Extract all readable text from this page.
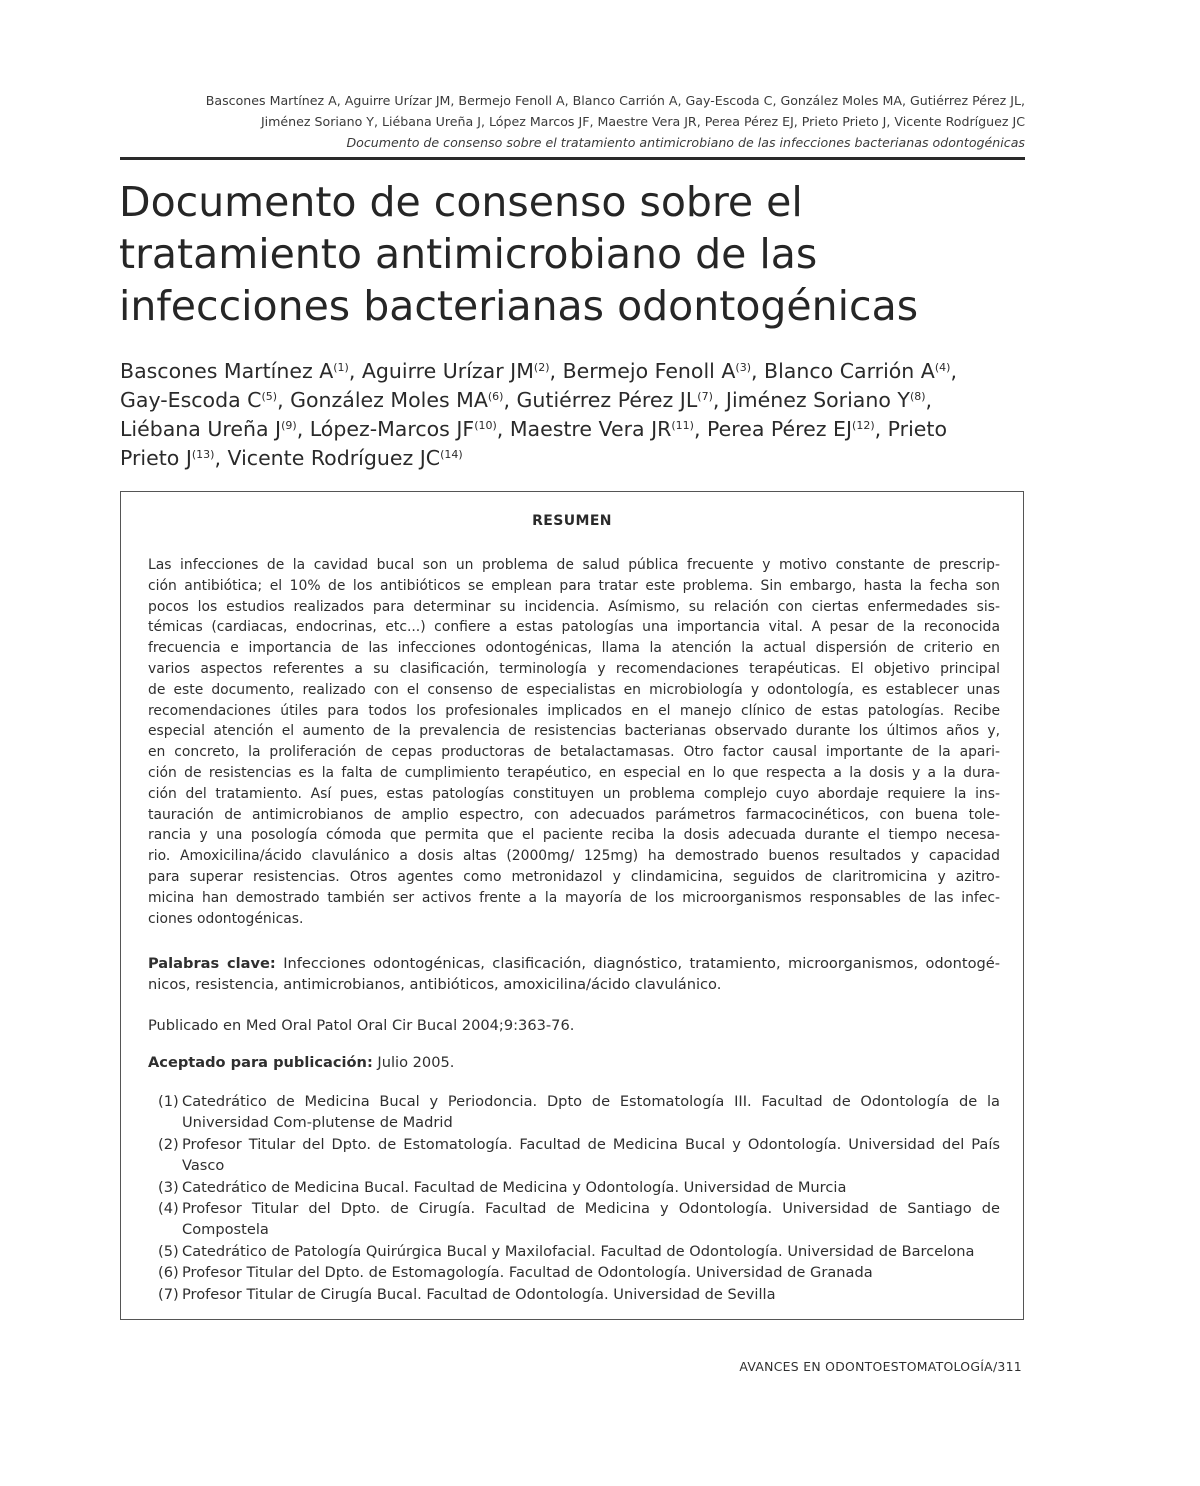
Bascones Martínez A, Aguirre Urízar JM, Bermejo Fenoll A, Blanco Carrión A, Gay-Escoda C, González Moles MA, Gutiérrez Pérez JL,
Jiménez Soriano Y, Liébana Ureña J, López Marcos JF, Maestre Vera JR, Perea Pérez EJ, Prieto Prieto J, Vicente Rodríguez JC
Documento de consenso sobre el tratamiento antimicrobiano de las infecciones bacterianas odontogénicas
Documento de consenso sobre el
tratamiento antimicrobiano de las
infecciones bacterianas odontogénicas
Bascones Martínez $A^{(1)}$, Aguirre Urízar JM$^{(2)}$, Bermejo Fenoll $A^{(3)}$, Blanco Carrión $A^{(4)}$,
Gay-Escoda $C^{(5)}$, González Moles MA$^{(6)}$, Gutiérrez Pérez JL$^{(7)}$, Jiménez Soriano $Y^{(8)}$,
Liébana Ureña $J^{(9)}$, López-Marcos JF$^{(10)}$, Maestre Vera JR$^{(11)}$, Perea Pérez EJ$^{(12)}$, Prieto
Prieto $J^{(13)}$, Vicente Rodríguez JC$^{(14)}$
RESUMEN
Las infecciones de la cavidad bucal son un problema de salud pública frecuente y motivo constante de prescrip-
ción antibiótica; el 10% de los antibióticos se emplean para tratar este problema. Sin embargo, hasta la fecha son
pocos los estudios realizados para determinar su incidencia. Asímismo, su relación con ciertas enfermedades sis-
témicas (cardiacas, endocrinas, etc...) confiere a estas patologías una importancia vital. A pesar de la reconocida
frecuencia e importancia de las infecciones odontogénicas, llama la atención la actual dispersión de criterio en
varios aspectos referentes a su clasificación, terminología y recomendaciones terapéuticas. El objetivo principal
de este documento, realizado con el consenso de especialistas en microbiología y odontología, es establecer unas
recomendaciones útiles para todos los profesionales implicados en el manejo clínico de estas patologías. Recibe
especial atención el aumento de la prevalencia de resistencias bacterianas observado durante los últimos años y,
en concreto, la proliferación de cepas productoras de betalactamasas. Otro factor causal importante de la apari-
ción de resistencias es la falta de cumplimiento terapéutico, en especial en lo que respecta a la dosis y a la dura-
ción del tratamiento. Así pues, estas patologías constituyen un problema complejo cuyo abordaje requiere la ins-
tauración de antimicrobianos de amplio espectro, con adecuados parámetros farmacocinéticos, con buena tole-
rancia y una posología cómoda que permita que el paciente reciba la dosis adecuada durante el tiempo necesa-
rio. Amoxicilina/ácido clavulánico a dosis altas (2000mg/ 125mg) ha demostrado buenos resultados y capacidad
para superar resistencias. Otros agentes como metronidazol y clindamicina, seguidos de claritromicina y azitro-
micina han demostrado también ser activos frente a la mayoría de los microorganismos responsables de las infec-
ciones odontogénicas.
Palabras clave: Infecciones odontogénicas, clasificación, diagnóstico, tratamiento, microorganismos, odontogé-
nicos, resistencia, antimicrobianos, antibióticos, amoxicilina/ácido clavulánico.
Publicado en Med Oral Patol Oral Cir Bucal 2004;9:363-76.
Aceptado para publicación: Julio 2005.
(1) Catedrático de Medicina Bucal y Periodoncia. Dpto de Estomatología III. Facultad de Odontología de la
Universidad Com-plutense de Madrid
(2) Profesor Titular del Dpto. de Estomatología. Facultad de Medicina Bucal y Odontología. Universidad del País
Vasco
(3) Catedrático de Medicina Bucal. Facultad de Medicina y Odontología. Universidad de Murcia
(4) Profesor Titular del Dpto. de Cirugía. Facultad de Medicina y Odontología. Universidad de Santiago de
Compostela
(5) Catedrático de Patología Quirúrgica Bucal y Maxilofacial. Facultad de Odontología. Universidad de Barcelona
(6) Profesor Titular del Dpto. de Estomagología. Facultad de Odontología. Universidad de Granada
(7) Profesor Titular de Cirugía Bucal. Facultad de Odontología. Universidad de Sevilla
AVANCES EN ODONTOESTOMATOLOGÍA/311
